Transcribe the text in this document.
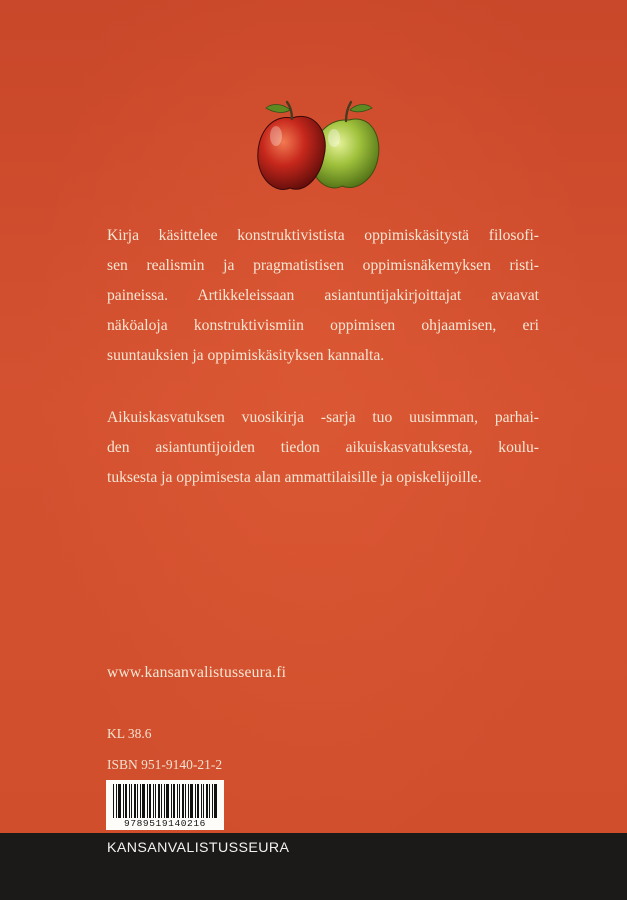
Kirja käsittelee konstruktivistista oppimiskäsitystä filosofi-
sen realismin ja pragmatistisen oppimisnäkemyksen risti-
paineissa. Artikkeleissaan asiantuntijakirjoittajat avaavat
näköaloja konstruktivismiin oppimisen ohjaamisen, eri
suuntauksien ja oppimiskäsityksen kannalta.
Aikuiskasvatuksen vuosikirja -sarja tuo uusimman, parhai-
den asiantuntijoiden tiedon aikuiskasvatuksesta, koulu-
tuksesta ja oppimisesta alan ammattilaisille ja opiskelijoille.
www.kansanvalistusseura.fi
KL 38.6
ISBN 951-9140-21-2
9789519140216
KANSANVALISTUSSEURA
